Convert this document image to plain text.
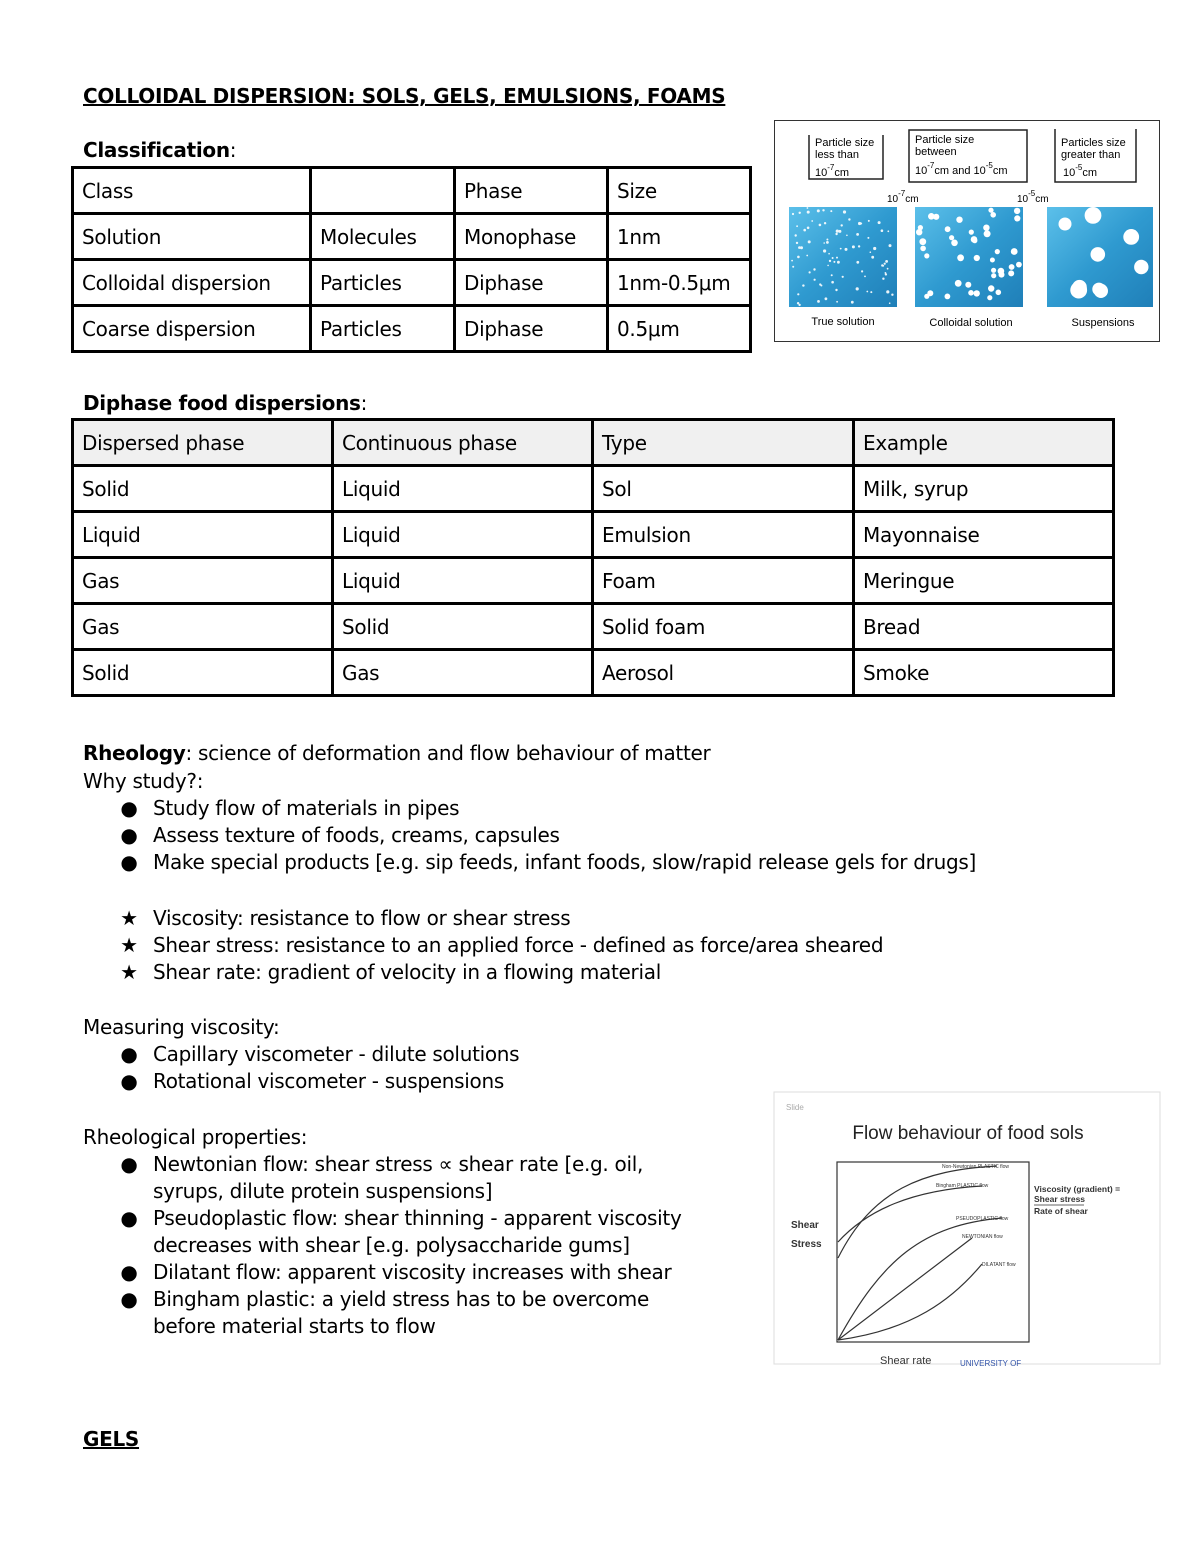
COLLOIDAL DISPERSION: SOLS, GELS, EMULSIONS, FOAMS
Classification:
Class		Phase	Size
Solution	Molecules	Monophase	1nm
Colloidal dispersion	Particles	Diphase	1nm-0.5μm
Coarse dispersion	Particles	Diphase	0.5μm
Particle size
less than
$10^{-7}cm$
Particle size
between
$10^{-7}cm$ and $10^{-5}cm$
Particles size
greater than
$10^{-5}cm$
$10^{-7}cm$	$10^{-5}cm$
True solution	Colloidal solution	Suspensions
Diphase food dispersions:
Dispersed phase	Continuous phase	Type	Example
Solid	Liquid	Sol	Milk, syrup
Liquid	Liquid	Emulsion	Mayonnaise
Gas	Liquid	Foam	Meringue
Gas	Solid	Solid foam	Bread
Solid	Gas	Aerosol	Smoke
Rheology: science of deformation and flow behaviour of matter
Why study?:
● Study flow of materials in pipes
● Assess texture of foods, creams, capsules
● Make special products [e.g. sip feeds, infant foods, slow/rapid release gels for drugs]
★ Viscosity: resistance to flow or shear stress
★ Shear stress: resistance to an applied force - defined as force/area sheared
★ Shear rate: gradient of velocity in a flowing material
Measuring viscosity:
● Capillary viscometer - dilute solutions
● Rotational viscometer - suspensions
Rheological properties:
● Newtonian flow: shear stress ∝ shear rate [e.g. oil,
syrups, dilute protein suspensions]
● Pseudoplastic flow: shear thinning - apparent viscosity
decreases with shear [e.g. polysaccharide gums]
● Dilatant flow: apparent viscosity increases with shear
● Bingham plastic: a yield stress has to be overcome
before material starts to flow
Slide
Flow behaviour of food sols
Shear
Stress
Shear rate	UNIVERSITY OF
Non-Newtonian PLASTIC flow
Bingham PLASTIC flow
PSEUDOPLASTIC flow
NEWTONIAN flow
DILATANT flow
Viscosity (gradient) =
Shear stress
Rate of shear
GELS
